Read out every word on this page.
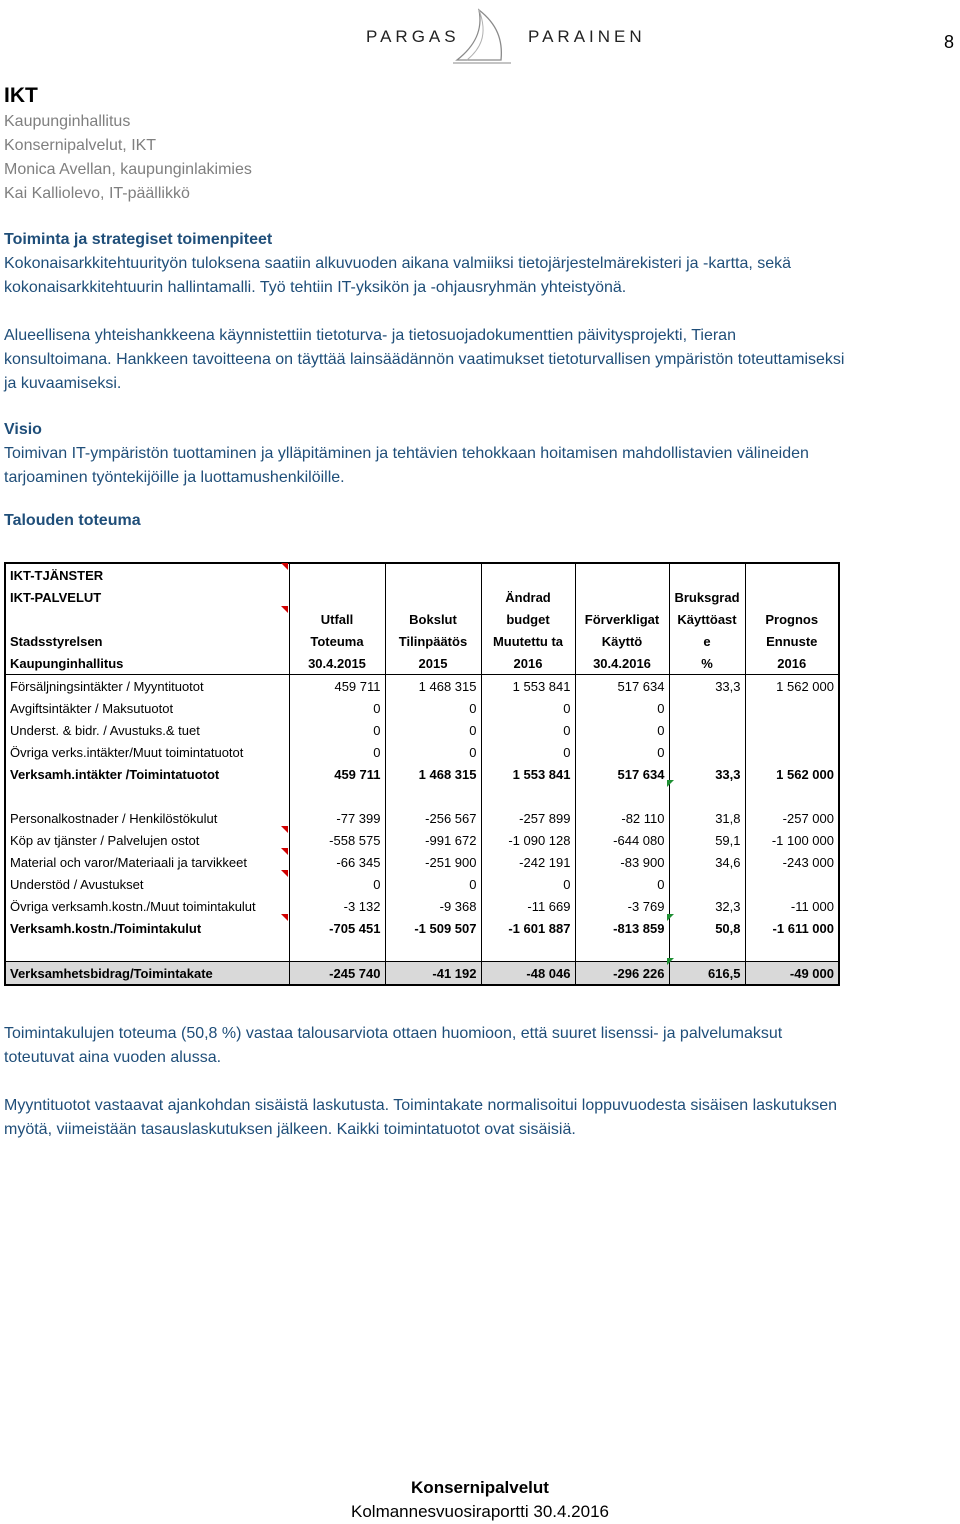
PARGAS	PARAINEN	8
IKT
Kaupunginhallitus
Konsernipalvelut, IKT
Monica Avellan, kaupunginlakimies
Kai Kalliolevo, IT-päällikkö
Toiminta ja strategiset toimenpiteet

Kokonaisarkkitehtuurityön tuloksena saatiin alkuvuoden aikana valmiiksi tietojärjestelmärekisteri ja -kartta, sekä

kokonaisarkkitehtuurin hallintamalli. Työ tehtiin IT-yksikön ja -ohjausryhmän yhteistyönä.

Alueellisena yhteishankkeena käynnistettiin tietoturva- ja tietosuojadokumenttien päivitysprojekti, Tieran

konsultoimana. Hankkeen tavoitteena on täyttää lainsäädännön vaatimukset tietoturvallisen ympäristön toteuttamiseksi

ja kuvaamiseksi.

Visio

Toimivan IT-ympäristön tuottaminen ja ylläpitäminen ja tehtävien tehokkaan hoitamisen mahdollistavien välineiden

tarjoaminen työntekijöille ja luottamushenkilöille.

Talouden toteuma
IKT-TJÄNSTER						
IKT-PALVELUT			Ändrad		Bruksgrad	
	Utfall	Bokslut	budget	Förverkligat	Käyttöast	Prognos
Stadsstyrelsen	Toteuma	Tilinpäätös	Muutettu ta	Käyttö	e	Ennuste
Kaupunginhallitus	30.4.2015	2015	2016	30.4.2016	%	2016
Försäljningsintäkter / Myyntituotot	459 711	1 468 315	1 553 841	517 634	33,3	1 562 000
Avgiftsintäkter / Maksutuotot	0	0	0	0		
Underst. & bidr. / Avustuks.& tuet	0	0	0	0		
Övriga verks.intäkter/Muut toimintatuotot	0	0	0	0		
Verksamh.intäkter /Toimintatuotot	459 711	1 468 315	1 553 841	517 634	33,3	1 562 000

Personalkostnader / Henkilöstökulut	-77 399	-256 567	-257 899	-82 110	31,8	-257 000
Köp av tjänster / Palvelujen ostot	-558 575	-991 672	-1 090 128	-644 080	59,1	-1 100 000
Material och varor/Materiaali ja tarvikkeet	-66 345	-251 900	-242 191	-83 900	34,6	-243 000
Understöd / Avustukset	0	0	0	0		
Övriga verksamh.kostn./Muut toimintakulut	-3 132	-9 368	-11 669	-3 769	32,3	-11 000
Verksamh.kostn./Toimintakulut	-705 451	-1 509 507	-1 601 887	-813 859	50,8	-1 611 000

Verksamhetsbidrag/Toimintakate	-245 740	-41 192	-48 046	-296 226	616,5	-49 000

Toimintakulujen toteuma (50,8 %) vastaa talousarviota ottaen huomioon, että suuret lisenssi- ja palvelumaksut

toteutuvat aina vuoden alussa.

Myyntituotot vastaavat ajankohdan sisäistä laskutusta. Toimintakate normalisoitui loppuvuodesta sisäisen laskutuksen

myötä, viimeistään tasauslaskutuksen jälkeen. Kaikki toimintatuotot ovat sisäisiä.

Konsernipalvelut
Kolmannesvuosiraportti 30.4.2016
